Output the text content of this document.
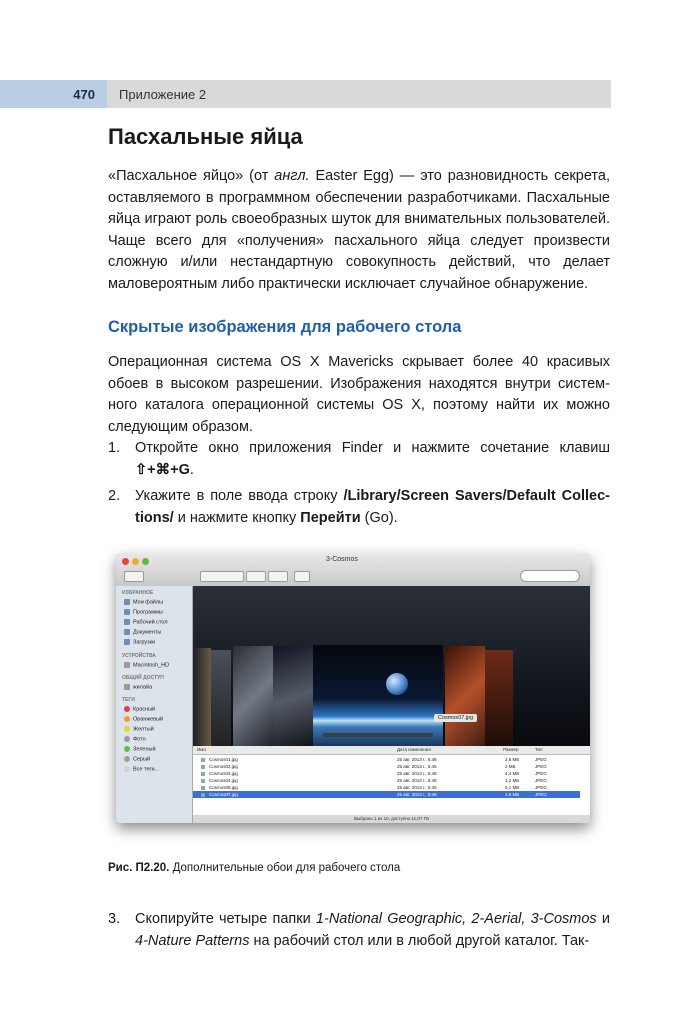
470 Приложение 2
Пасхальные яйца

«Пасхальное яйцо» (от англ. Easter Egg) — это разновидность секрета, оставляемого в программном обеспечении разработчиками. Пасхальные яйца играют роль своеобразных шуток для внимательных пользователей. Чаще всего для «получения» пасхального яйца следует произвести сложную и/или нестандартную совокупность действий, что делает маловероятным либо практически исключает случайное обнаружение.

Скрытые изображения для рабочего стола

Операционная система OS X Mavericks скрывает более 40 красивых обоев в высоком разрешении. Изображения находятся внутри системного каталога операционной системы OS X, поэтому найти их можно следующим образом.

1. Откройте окно приложения Finder и нажмите сочетание клавиш ⇧+⌘+G.
2. Укажите в поле ввода строку /Library/Screen Savers/Default Collections/ и нажмите кнопку Перейти (Go).
3-Cosmos
ИЗБРАННОЕ
Мои файлы
Программы
Рабочий стол
Документы
Загрузки
УСТРОЙСТВА
Macintosh_HD
ОБЩИЙ ДОСТУП
жилайа
ТЕГИ
Красный
Оранжевый
Желтый
Фото
Зеленый
Серый
Все теги...
Cosmos07.jpg
Имя	Дата изменения	Размер	Тип
Cosmos01.jpg	25 авг. 2013 г., 5:48	2,6 МБ	JPEG
Cosmos02.jpg	25 авг. 2013 г., 5:45	2 МБ	JPEG
Cosmos03.jpg	25 авг. 2013 г., 5:48	4,4 МБ	JPEG
Cosmos04.jpg	25 авг. 2013 г., 5:48	1,2 МБ	JPEG
Cosmos05.jpg	25 авг. 2013 г., 5:45	5,1 МБ	JPEG
Cosmos07.jpg	25 авг. 2013 г., 5:48	1,9 МБ	JPEG
Выбрано 1 из 10, доступно 11,07 ГБ
Рис. П2.20. Дополнительные обои для рабочего стола
3. Скопируйте четыре папки 1-National Geographic, 2-Aerial, 3-Cosmos и 4-Nature Patterns на рабочий стол или в любой другой каталог. Так-
